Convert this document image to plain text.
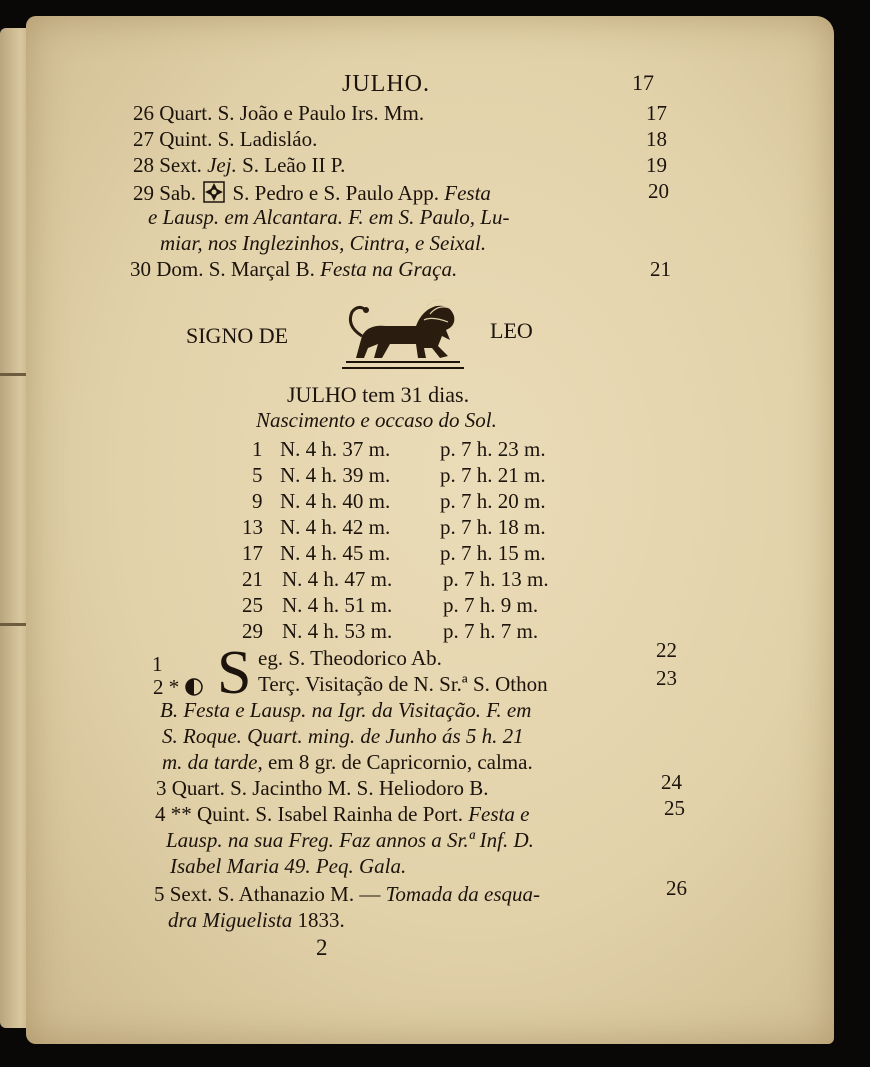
JULHO.	17
26 Quart. S. João e Paulo Irs. Mm.	17
27 Quint. S. Ladisláo.	18
28 Sext. Jej. S. Leão II P.	19
29 Sab. S. Pedro e S. Paulo App. Festa	20
e Lausp. em Alcantara. F. em S. Paulo, Lu-
miar, nos Inglezinhos, Cintra, e Seixal.
30 Dom. S. Marçal B. Festa na Graça.	21
SIGNO DE	LEO
JULHO tem 31 dias.
Nascimento e occaso do Sol.
1 N. 4 h. 37 m. p. 7 h. 23 m.
5 N. 4 h. 39 m. p. 7 h. 21 m.
9 N. 4 h. 40 m. p. 7 h. 20 m.
13 N. 4 h. 42 m. p. 7 h. 18 m.
17 N. 4 h. 45 m. p. 7 h. 15 m.
21 N. 4 h. 47 m. p. 7 h. 13 m.
25 N. 4 h. 51 m. p. 7 h. 9 m.
29 N. 4 h. 53 m. p. 7 h. 7 m.
1 S eg. S. Theodorico Ab.	22
2 *	Terç. Visitação de N. Sr.ª S. Othon	23
B. Festa e Lausp. na Igr. da Visitação. F. em
S. Roque. Quart. ming. de Junho ás 5 h. 21
m. da tarde, em 8 gr. de Capricornio, calma.
3 Quart. S. Jacintho M. S. Heliodoro B.	24
4 ** Quint. S. Isabel Rainha de Port. Festa e	25
Lausp. na sua Freg. Faz annos a Sr.ª Inf. D.
Isabel Maria 49. Peq. Gala.
5 Sext. S. Athanazio M. — Tomada da esqua-	26
dra Miguelista 1833.
2
